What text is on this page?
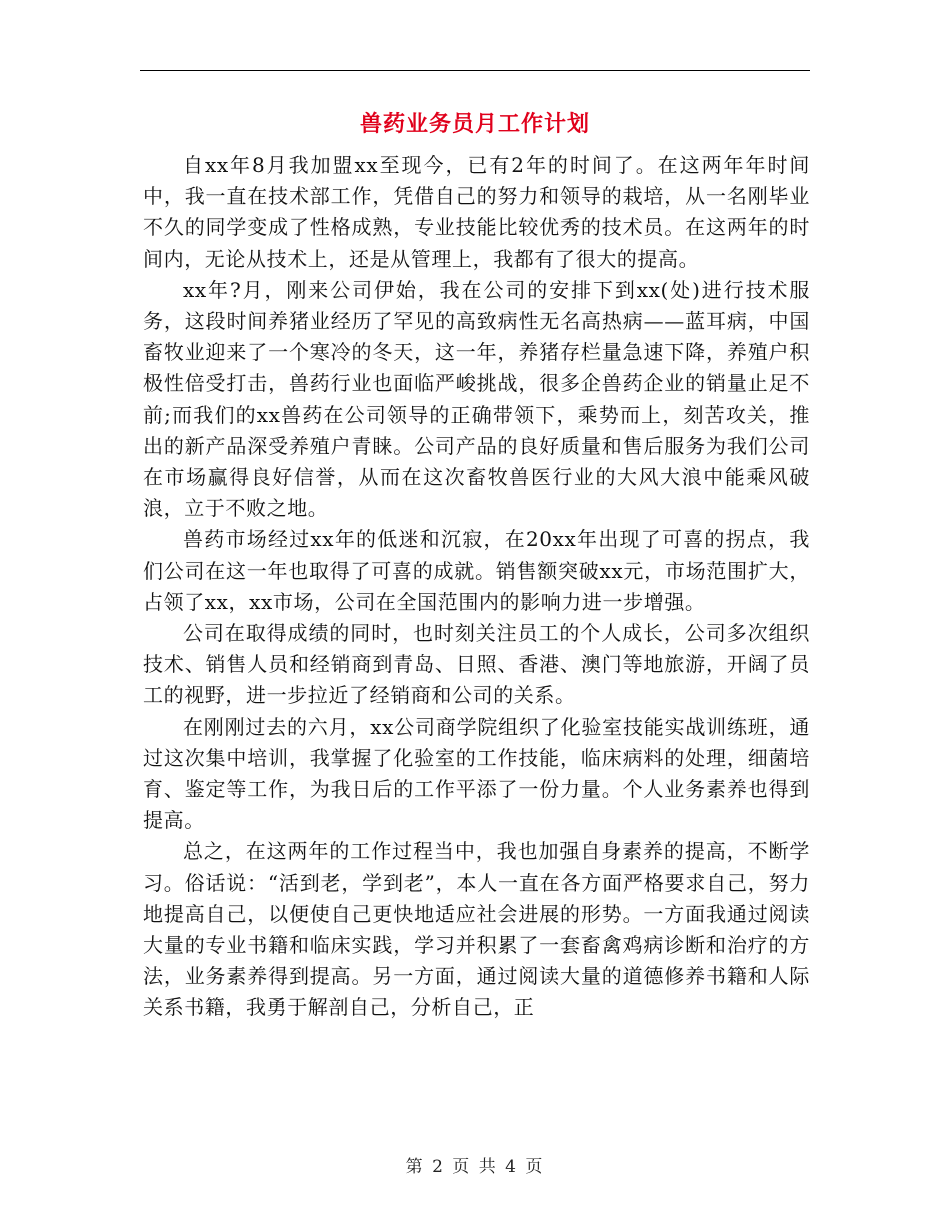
兽药业务员月工作计划

自xx年8月我加盟xx至现今，已有2年的时间了。在这两年年时间中，我一直在技术部工作，凭借自己的努力和领导的栽培，从一名刚毕业不久的同学变成了性格成熟，专业技能比较优秀的技术员。在这两年的时间内，无论从技术上，还是从管理上，我都有了很大的提高。

xx年?月，刚来公司伊始，我在公司的安排下到xx(处)进行技术服务，这段时间养猪业经历了罕见的高致病性无名高热病——蓝耳病，中国畜牧业迎来了一个寒冷的冬天，这一年，养猪存栏量急速下降，养殖户积极性倍受打击，兽药行业也面临严峻挑战，很多企兽药企业的销量止足不前;而我们的xx兽药在公司领导的正确带领下，乘势而上，刻苦攻关，推出的新产品深受养殖户青睐。公司产品的良好质量和售后服务为我们公司在市场赢得良好信誉，从而在这次畜牧兽医行业的大风大浪中能乘风破浪，立于不败之地。

兽药市场经过xx年的低迷和沉寂，在20xx年出现了可喜的拐点，我们公司在这一年也取得了可喜的成就。销售额突破xx元，市场范围扩大，占领了xx，xx市场，公司在全国范围内的影响力进一步增强。

公司在取得成绩的同时，也时刻关注员工的个人成长，公司多次组织技术、销售人员和经销商到青岛、日照、香港、澳门等地旅游，开阔了员工的视野，进一步拉近了经销商和公司的关系。

在刚刚过去的六月，xx公司商学院组织了化验室技能实战训练班，通过这次集中培训，我掌握了化验室的工作技能，临床病料的处理，细菌培育、鉴定等工作，为我日后的工作平添了一份力量。个人业务素养也得到提高。

总之，在这两年的工作过程当中，我也加强自身素养的提高，不断学习。俗话说：“活到老，学到老”，本人一直在各方面严格要求自己，努力地提高自己，以便使自己更快地适应社会进展的形势。一方面我通过阅读大量的专业书籍和临床实践，学习并积累了一套畜禽鸡病诊断和治疗的方法，业务素养得到提高。另一方面，通过阅读大量的道德修养书籍和人际关系书籍，我勇于解剖自己，分析自己，正

第 2 页 共 4 页
